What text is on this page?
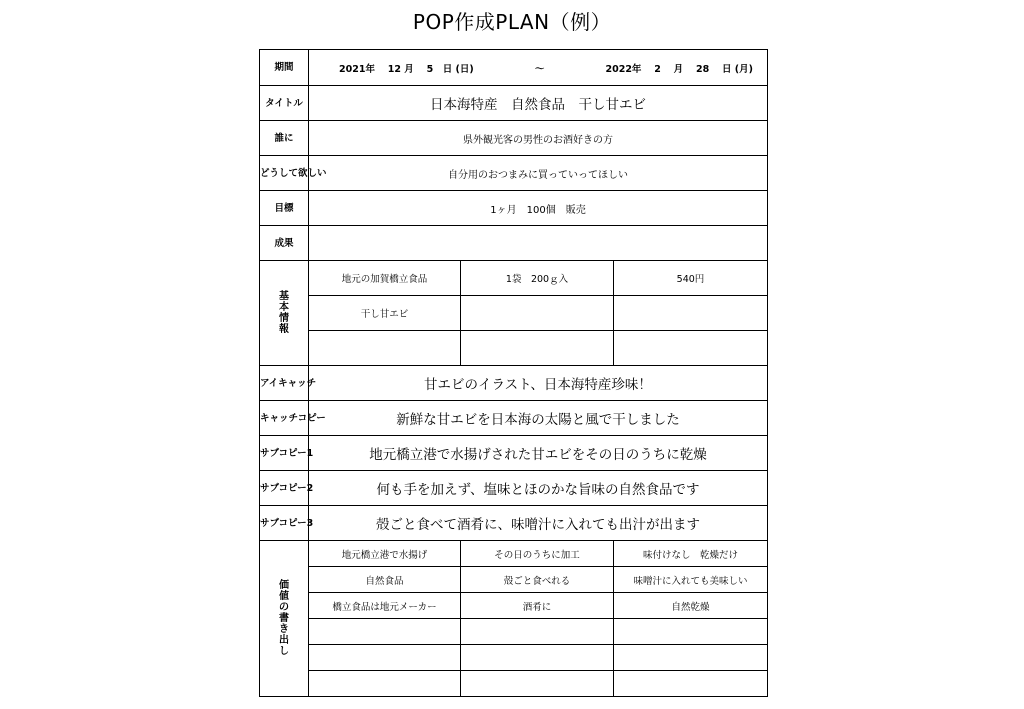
POP作成PLAN（例）
期間	2021年　 12 月　 5　日 (日) ～ 2022年　 2 　月　 28 　日 (月)		

タイトル	日本海特産　自然食品　干し甘エビ		
誰に	県外観光客の男性のお酒好きの方		
どうして欲しい	自分用のおつまみに買っていってほしい		
目標	1ヶ月　100個　販売		
成果			
基本情報	地元の加賀橋立食品	1袋　200ｇ入	540円
	干し甘エビ		

アイキャッチ	甘エビのイラスト、日本海特産珍味！		
キャッチコピー	新鮮な甘エビを日本海の太陽と風で干しました		
サブコピー1	地元橋立港で水揚げされた甘エビをその日のうちに乾燥		
サブコピー2	何も手を加えず、塩味とほのかな旨味の自然食品です		
サブコピー3	殻ごと食べて酒肴に、味噌汁に入れても出汁が出ます		
価値の書き出し	地元橋立港で水揚げ	その日のうちに加工	味付けなし　乾燥だけ
	自然食品	殻ごと食べれる	味噌汁に入れても美味しい
	橋立食品は地元メーカー	酒肴に	自然乾燥
